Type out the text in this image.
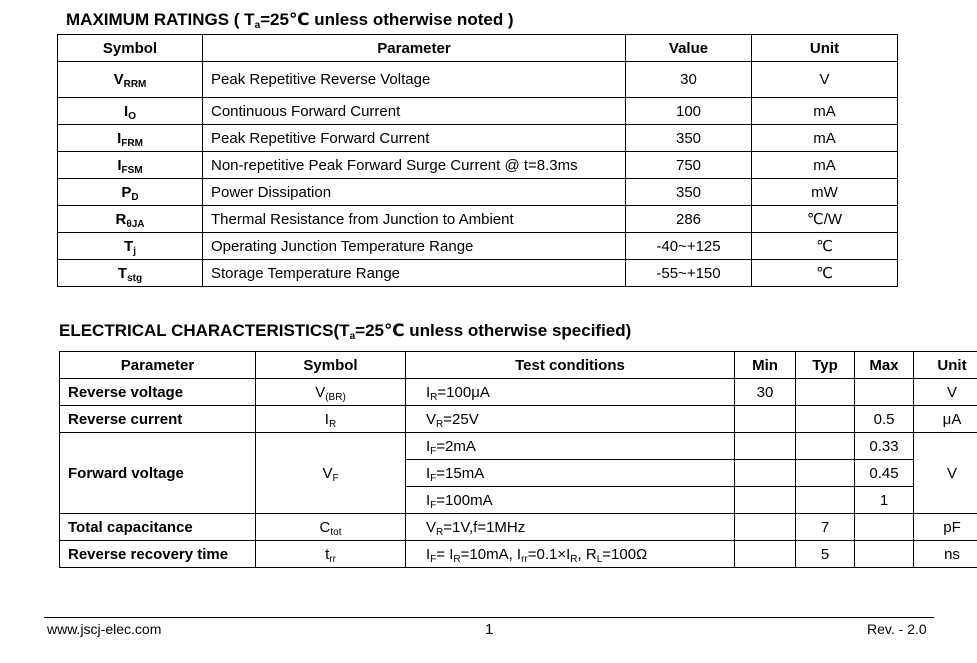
MAXIMUM RATINGS ( $T_a=25℃$ unless otherwise noted )
Symbol	Parameter	Value	Unit
$V_{RRM}$	Peak Repetitive Reverse Voltage	30	V
$I_O$	Continuous Forward Current	100	mA
$I_{FRM}$	Peak Repetitive Forward Current	350	mA
$I_{FSM}$	Non-repetitive Peak Forward Surge Current @ t=8.3ms	750	mA
$P_D$	Power Dissipation	350	mW
$R_{\theta JA}$	Thermal Resistance from Junction to Ambient	286	℃/W
$T_j$	Operating Junction Temperature Range	-40~+125	℃
$T_{stg}$	Storage Temperature Range	-55~+150	℃
ELECTRICAL $CHARACTERISTICS(T_a=25℃$ unless otherwise specified)
Parameter	Symbol	Test conditions	Min	Typ	Max	Unit
Reverse voltage	$V_{(BR)}$	$I_R=100\mu A$	30			V
Reverse current	$I_R$	$V_R=25V$			0.5	μA
Forward voltage	$V_F$	$I_F=2mA$			0.33	V
		$I_F=15mA$			0.45	
		$I_F=100mA$			1	
Total capacitance	$C_{tot}$	$V_R=1V,f=1MHz$		7		pF
Reverse recovery time	$t_{rr}$	$I_F= I_R=10mA$, $I_{rr}=0.1\times I_R$, $R_L=100\Omega$		5		ns
www.jscj-elec.com	1	Rev. - 2.0
